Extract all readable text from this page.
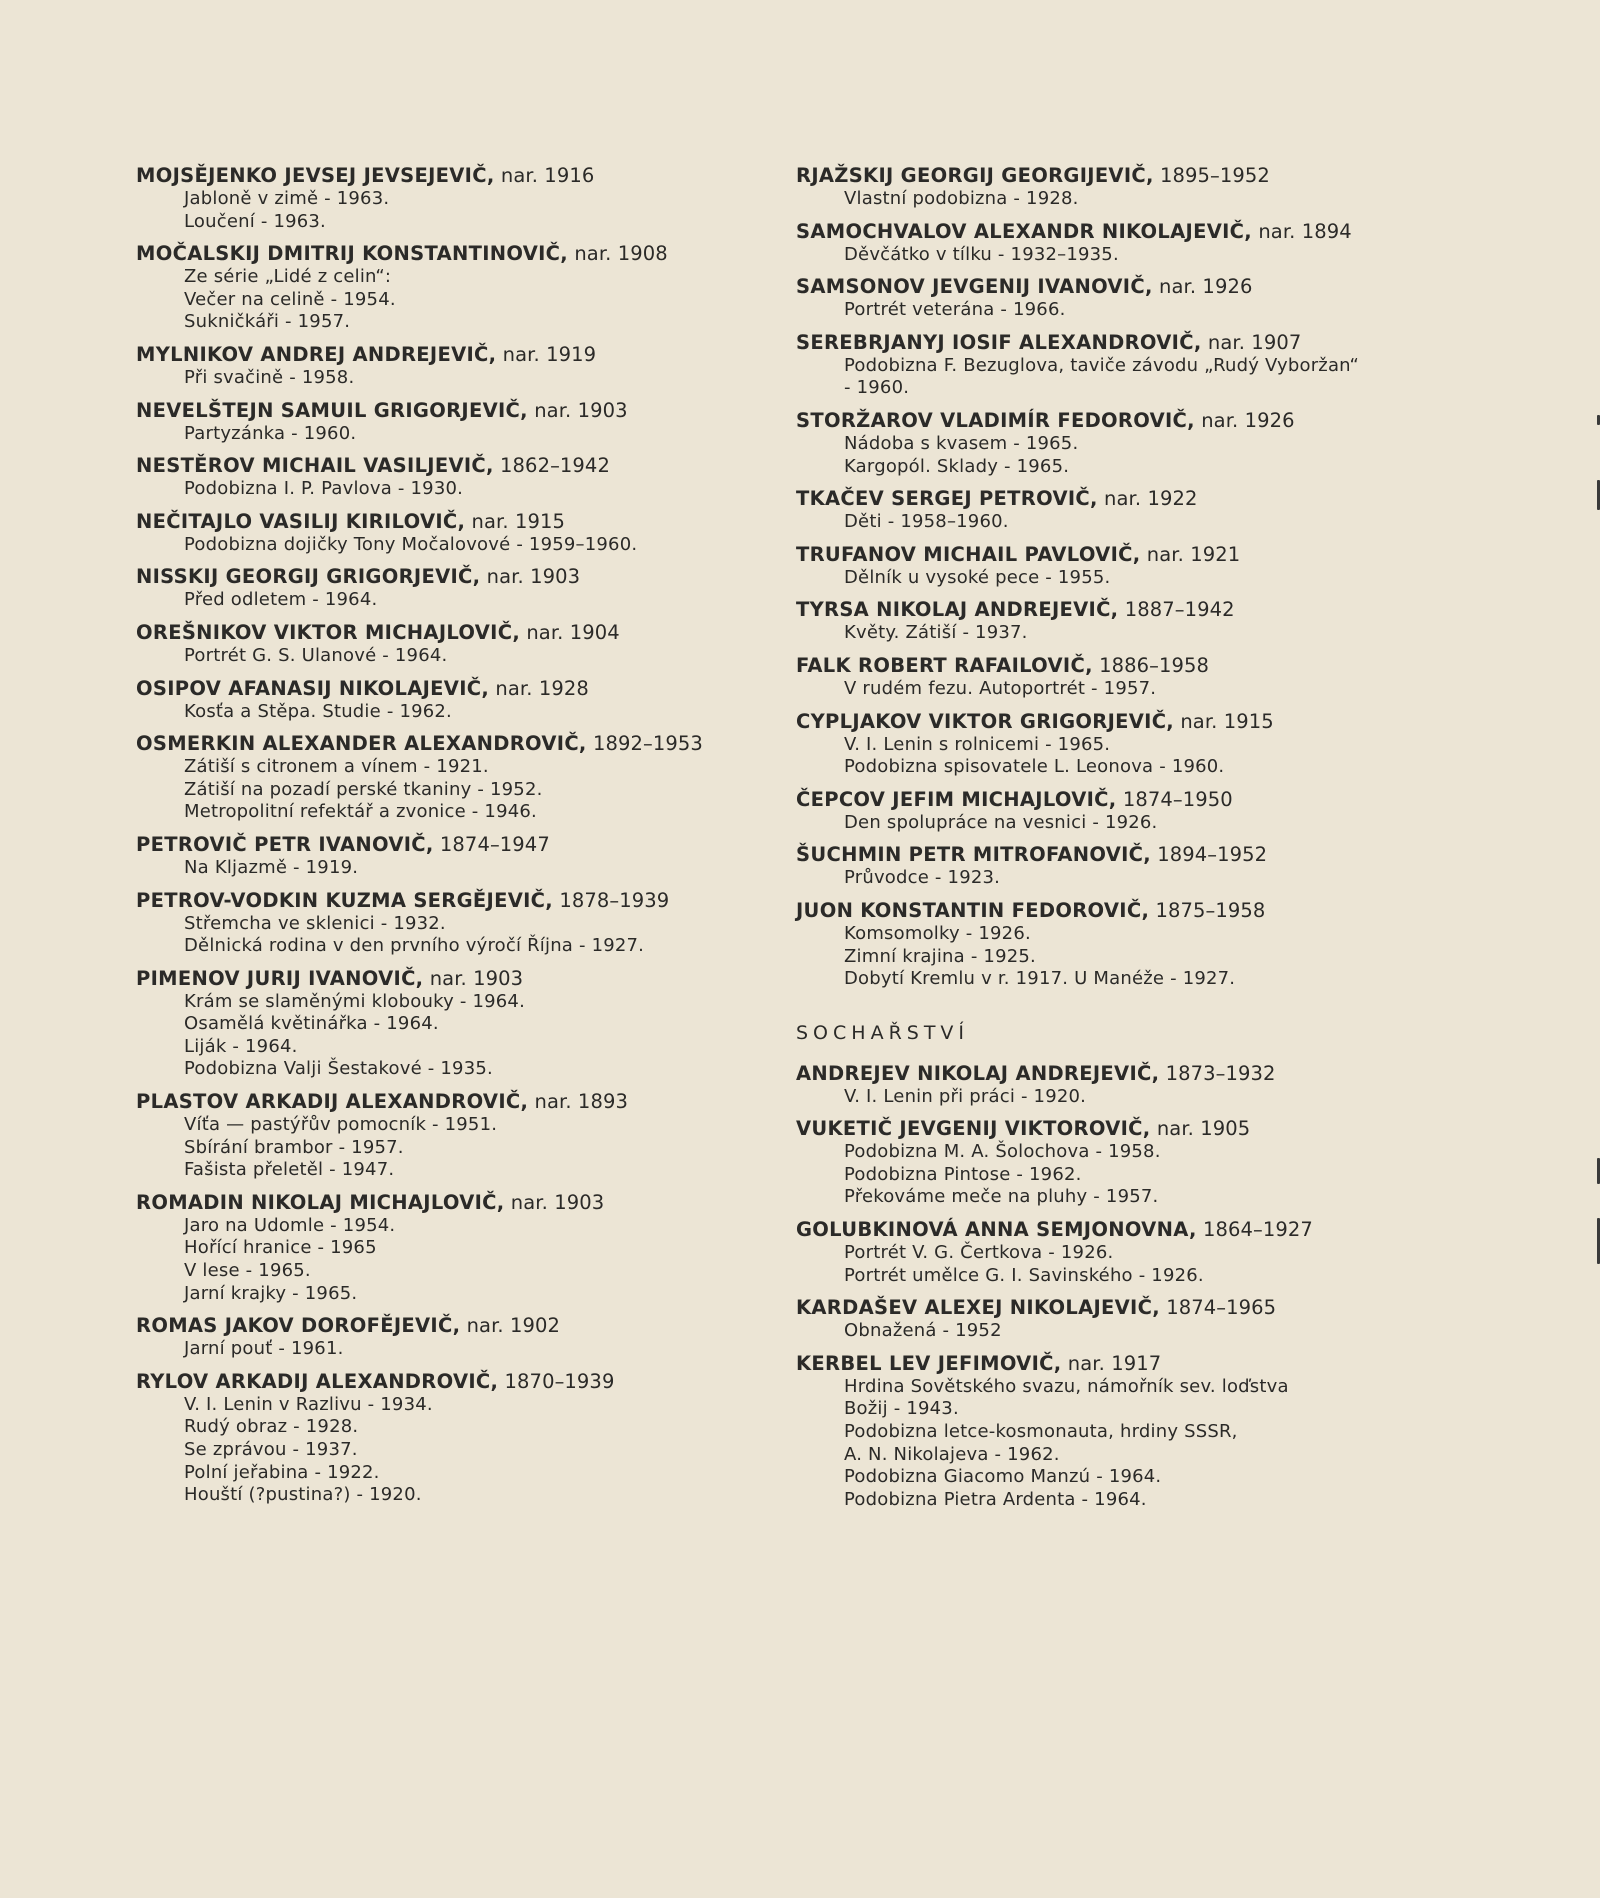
MOJSĚJENKO JEVSEJ JEVSEJEVIČ, nar. 1916
Jabloně v zimě - 1963.
Loučení - 1963.
MOČALSKIJ DMITRIJ KONSTANTINOVIČ, nar. 1908
Ze série „Lidé z celin“:
Večer na celině - 1954.
Sukničkáři - 1957.
MYLNIKOV ANDREJ ANDREJEVIČ, nar. 1919
Při svačině - 1958.
NEVELŠTEJN SAMUIL GRIGORJEVIČ, nar. 1903
Partyzánka - 1960.
NESTĚROV MICHAIL VASILJEVIČ, 1862–1942
Podobizna I. P. Pavlova - 1930.
NEČITAJLO VASILIJ KIRILOVIČ, nar. 1915
Podobizna dojičky Tony Močalovové - 1959–1960.
NISSKIJ GEORGIJ GRIGORJEVIČ, nar. 1903
Před odletem - 1964.
OREŠNIKOV VIKTOR MICHAJLOVIČ, nar. 1904
Portrét G. S. Ulanové - 1964.
OSIPOV AFANASIJ NIKOLAJEVIČ, nar. 1928
Kosťa a Stěpa. Studie - 1962.
OSMERKIN ALEXANDER ALEXANDROVIČ, 1892–1953
Zátiší s citronem a vínem - 1921.
Zátiší na pozadí perské tkaniny - 1952.
Metropolitní refektář a zvonice - 1946.
PETROVIČ PETR IVANOVIČ, 1874–1947
Na Kljazmě - 1919.
PETROV-VODKIN KUZMA SERGĚJEVIČ, 1878–1939
Střemcha ve sklenici - 1932.
Dělnická rodina v den prvního výročí Října - 1927.
PIMENOV JURIJ IVANOVIČ, nar. 1903
Krám se slaměnými klobouky - 1964.
Osamělá květinářka - 1964.
Liják - 1964.
Podobizna Valji Šestakové - 1935.
PLASTOV ARKADIJ ALEXANDROVIČ, nar. 1893
Víťa — pastýřův pomocník - 1951.
Sbírání brambor - 1957.
Fašista přeletěl - 1947.
ROMADIN NIKOLAJ MICHAJLOVIČ, nar. 1903
Jaro na Udomle - 1954.
Hořící hranice - 1965
V lese - 1965.
Jarní krajky - 1965.
ROMAS JAKOV DOROFĚJEVIČ, nar. 1902
Jarní pouť - 1961.
RYLOV ARKADIJ ALEXANDROVIČ, 1870–1939
V. I. Lenin v Razlivu - 1934.
Rudý obraz - 1928.
Se zprávou - 1937.
Polní jeřabina - 1922.
Houští (?pustina?) - 1920.
RJAŽSKIJ GEORGIJ GEORGIJEVIČ, 1895–1952
Vlastní podobizna - 1928.
SAMOCHVALOV ALEXANDR NIKOLAJEVIČ, nar. 1894
Děvčátko v tílku - 1932–1935.
SAMSONOV JEVGENIJ IVANOVIČ, nar. 1926
Portrét veterána - 1966.
SEREBRJANYJ IOSIF ALEXANDROVIČ, nar. 1907
Podobizna F. Bezuglova, taviče závodu „Rudý Vyboržan“
- 1960.
STORŽAROV VLADIMÍR FEDOROVIČ, nar. 1926
Nádoba s kvasem - 1965.
Kargopól. Sklady - 1965.
TKAČEV SERGEJ PETROVIČ, nar. 1922
Děti - 1958–1960.
TRUFANOV MICHAIL PAVLOVIČ, nar. 1921
Dělník u vysoké pece - 1955.
TYRSA NIKOLAJ ANDREJEVIČ, 1887–1942
Květy. Zátiší - 1937.
FALK ROBERT RAFAILOVIČ, 1886–1958
V rudém fezu. Autoportrét - 1957.
CYPLJAKOV VIKTOR GRIGORJEVIČ, nar. 1915
V. I. Lenin s rolnicemi - 1965.
Podobizna spisovatele L. Leonova - 1960.
ČEPCOV JEFIM MICHAJLOVIČ, 1874–1950
Den spolupráce na vesnici - 1926.
ŠUCHMIN PETR MITROFANOVIČ, 1894–1952
Průvodce - 1923.
JUON KONSTANTIN FEDOROVIČ, 1875–1958
Komsomolky - 1926.
Zimní krajina - 1925.
Dobytí Kremlu v r. 1917. U Manéže - 1927.
SOCHAŘSTVÍ
ANDREJEV NIKOLAJ ANDREJEVIČ, 1873–1932
V. I. Lenin při práci - 1920.
VUKETIČ JEVGENIJ VIKTOROVIČ, nar. 1905
Podobizna M. A. Šolochova - 1958.
Podobizna Pintose - 1962.
Překováme meče na pluhy - 1957.
GOLUBKINOVÁ ANNA SEMJONOVNA, 1864–1927
Portrét V. G. Čertkova - 1926.
Portrét umělce G. I. Savinského - 1926.
KARDAŠEV ALEXEJ NIKOLAJEVIČ, 1874–1965
Obnažená - 1952
KERBEL LEV JEFIMOVIČ, nar. 1917
Hrdina Sovětského svazu, námořník sev. loďstva
Božij - 1943.
Podobizna letce-kosmonauta, hrdiny SSSR,
A. N. Nikolajeva - 1962.
Podobizna Giacomo Manzú - 1964.
Podobizna Pietra Ardenta - 1964.
